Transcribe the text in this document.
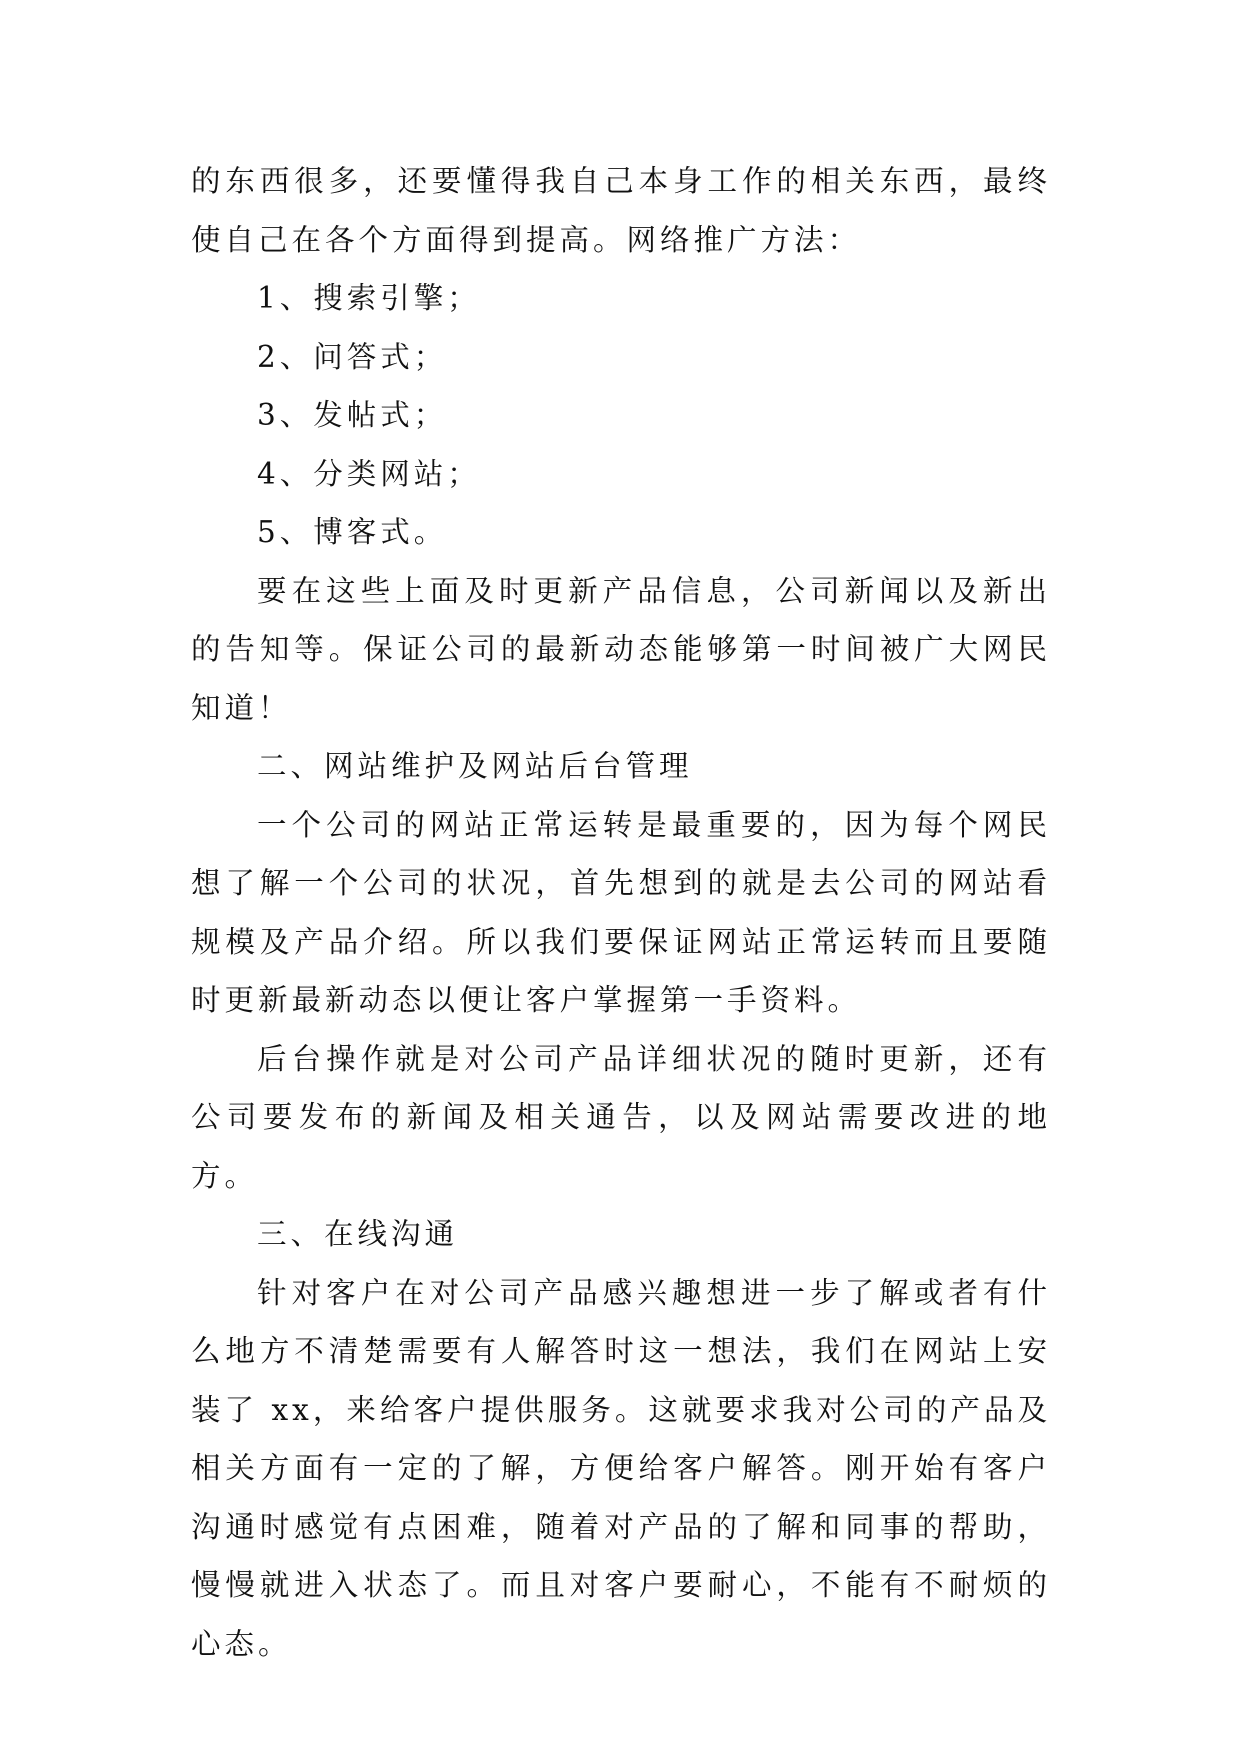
的东西很多，还要懂得我自己本身工作的相关东西，最终使自己在各个方面得到提高。网络推广方法：

1、搜索引擎；

2、问答式；

3、发帖式；

4、分类网站；

5、博客式。

要在这些上面及时更新产品信息，公司新闻以及新出的告知等。保证公司的最新动态能够第一时间被广大网民知道！

二、网站维护及网站后台管理

一个公司的网站正常运转是最重要的，因为每个网民想了解一个公司的状况，首先想到的就是去公司的网站看规模及产品介绍。所以我们要保证网站正常运转而且要随时更新最新动态以便让客户掌握第一手资料。

后台操作就是对公司产品详细状况的随时更新，还有公司要发布的新闻及相关通告，以及网站需要改进的地方。

三、在线沟通

针对客户在对公司产品感兴趣想进一步了解或者有什么地方不清楚需要有人解答时这一想法，我们在网站上安装了 xx，来给客户提供服务。这就要求我对公司的产品及相关方面有一定的了解，方便给客户解答。刚开始有客户沟通时感觉有点困难，随着对产品的了解和同事的帮助，慢慢就进入状态了。而且对客户要耐心，不能有不耐烦的心态。
